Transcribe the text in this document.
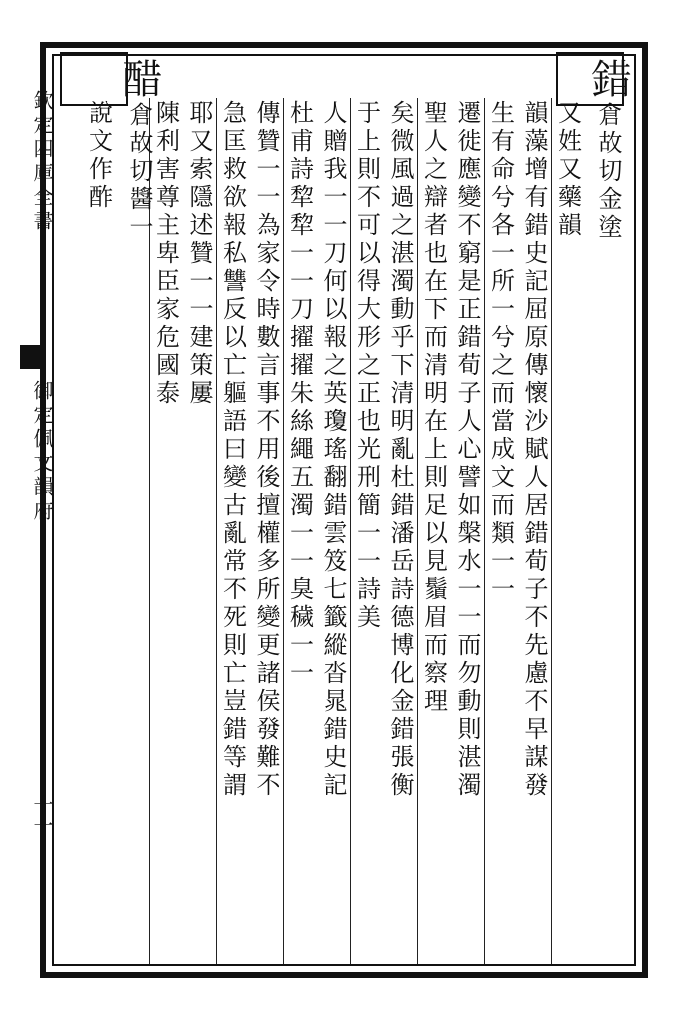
欽定四庫全書
御定佩文韻府
十一
錯倉故切金塗
又姓又藥韻
韻藻增有錯史記屈原傳懷沙賦人居錯荀子不先慮不早謀發
生有命兮各一所一兮之而當成文而類一一
遷徙應變不窮是正錯荀子人心譬如槃水一一而勿動則湛濁
聖人之辯者也在下而清明在上則足以見鬚眉而察理
矣微風過之湛濁動乎下清明亂杜錯潘岳詩德博化金錯張衡
于上則不可以得大形之正也光刑簡一一詩美
人贈我一一刀何以報之英瓊瑤翻錯雲笈七籤縱沓晁錯史記
杜甫詩犂犂一一刀擢擢朱絲繩五濁一一臭穢一一
傳贊一一為家令時數言事不用後擅權多所變更諸侯發難不
急匡救欲報私讐反以亡軀語曰變古亂常不死則亡豈錯等謂
耶又索隱述贊一一建策屢
陳利害尊主卑臣家危國泰
醋倉故切醬一
說文作酢
